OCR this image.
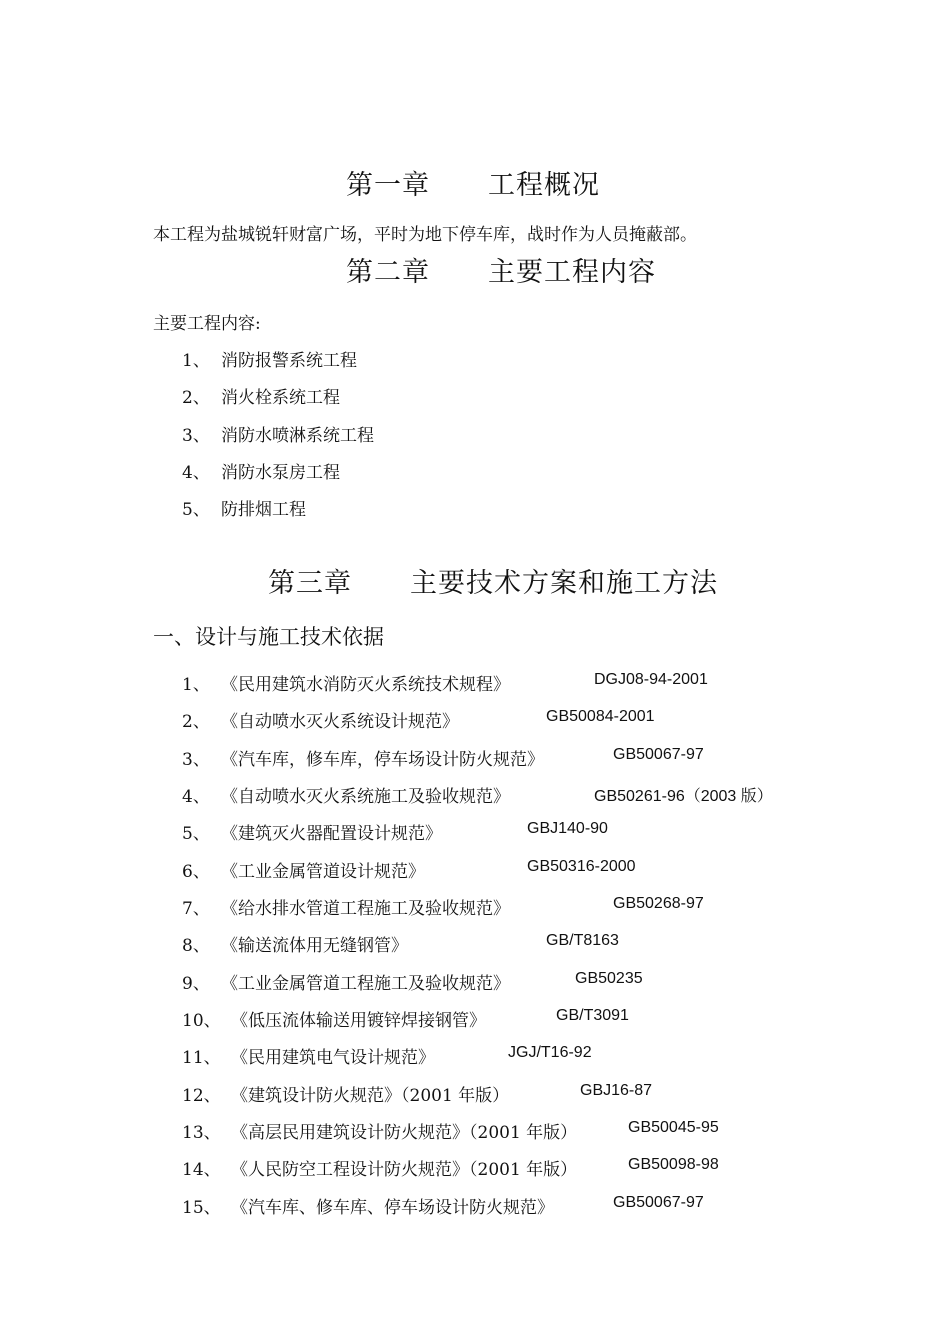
第一章 工程概况
本工程为盐城锐轩财富广场，平时为地下停车库，战时作为人员掩蔽部。
第二章 主要工程内容
主要工程内容:
1、 消防报警系统工程
2、 消火栓系统工程
3、 消防水喷淋系统工程
4、 消防水泵房工程
5、 防排烟工程
第三章 主要技术方案和施工方法
一、设计与施工技术依据
1、 《民用建筑水消防灭火系统技术规程》	DGJ08-94-2001
2、 《自动喷水灭火系统设计规范》	GB50084-2001
3、 《汽车库，修车库，停车场设计防火规范》	GB50067-97
4、 《自动喷水灭火系统施工及验收规范》	GB50261-96（2003 版）
5、 《建筑灭火器配置设计规范》	GBJ140-90
6、 《工业金属管道设计规范》	GB50316-2000
7、 《给水排水管道工程施工及验收规范》	GB50268-97
8、 《输送流体用无缝钢管》	GB/T8163
9、 《工业金属管道工程施工及验收规范》	GB50235
10、 《低压流体输送用镀锌焊接钢管》	GB/T3091
11、 《民用建筑电气设计规范》	JGJ/T16-92
12、 《建筑设计防火规范》（2001 年版）	GBJ16-87
13、 《高层民用建筑设计防火规范》（2001 年版）	GB50045-95
14、 《人民防空工程设计防火规范》（2001 年版）	GB50098-98
15、 《汽车库、修车库、停车场设计防火规范》	GB50067-97
